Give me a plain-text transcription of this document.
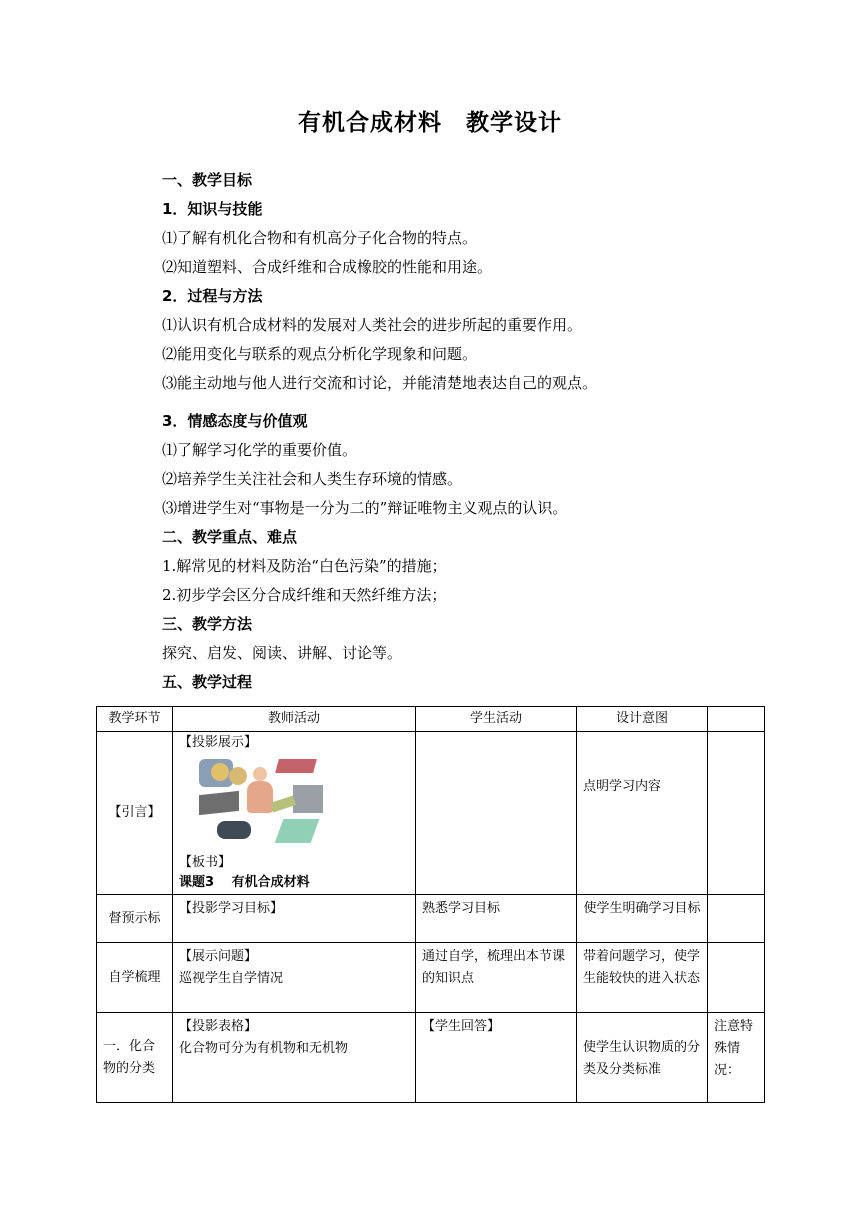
有机合成材料　教学设计
一、教学目标
1．知识与技能
⑴了解有机化合物和有机高分子化合物的特点。
⑵知道塑料、合成纤维和合成橡胶的性能和用途。
2．过程与方法
⑴认识有机合成材料的发展对人类社会的进步所起的重要作用。
⑵能用变化与联系的观点分析化学现象和问题。
⑶能主动地与他人进行交流和讨论，并能清楚地表达自己的观点。
3．情感态度与价值观
⑴了解学习化学的重要价值。
⑵培养学生关注社会和人类生存环境的情感。
⑶增进学生对“事物是一分为二的”辩证唯物主义观点的认识。
二、教学重点、难点
1.解常见的材料及防治“白色污染”的措施；
2.初步学会区分合成纤维和天然纤维方法；
三、教学方法
探究、启发、阅读、讲解、讨论等。
五、教学过程
教学环节	教师活动	学生活动	设计意图	
【引言】	【投影展示】
【板书】
课题3　 有机合成材料		点明学习内容	
督预示标	【投影学习目标】	熟悉学习目标	使学生明确学习目标	
自学梳理	【展示问题】
巡视学生自学情况	通过自学，梳理出本节课的知识点	带着问题学习，使学生能较快的进入状态	
一．化合物的分类	【投影表格】
化合物可分为有机物和无机物	【学生回答】	使学生认识物质的分类及分类标准	注意特殊情况：
